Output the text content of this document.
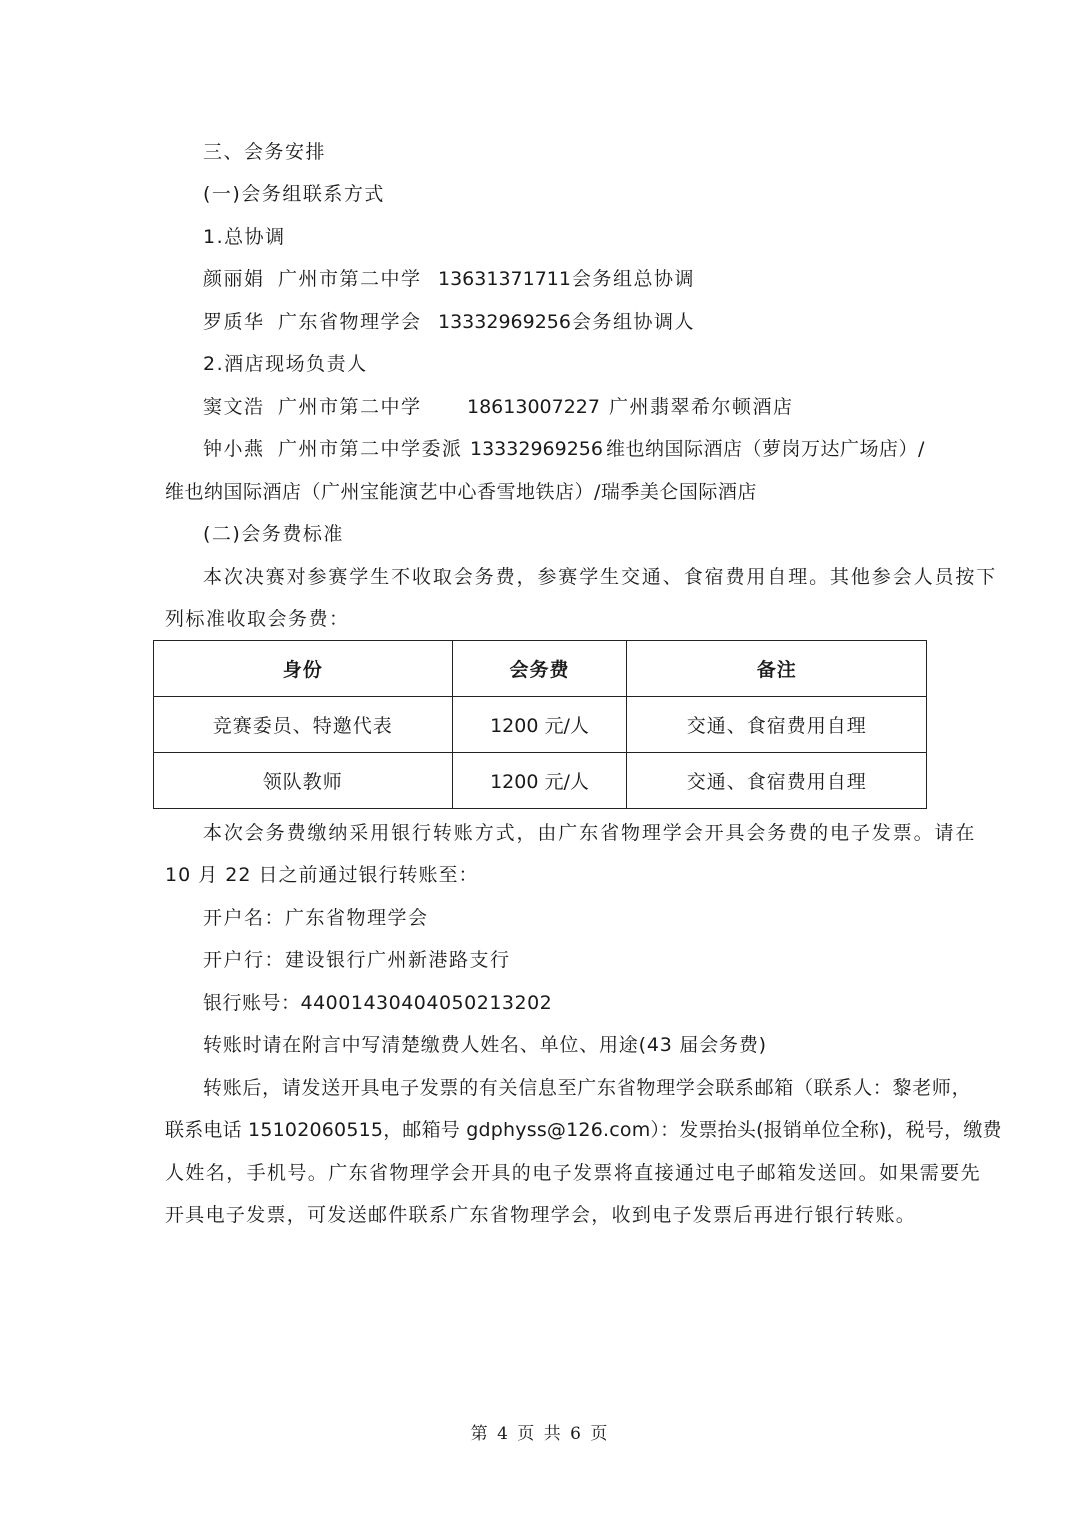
三、会务安排
(一)会务组联系方式
1.总协调
颜丽娟 广州市第二中学 13631371711 会务组总协调
罗质华 广东省物理学会 13332969256 会务组协调人
2.酒店现场负责人
窦文浩 广州市第二中学 18613007227 广州翡翠希尔顿酒店
钟小燕 广州市第二中学委派 13332969256 维也纳国际酒店（萝岗万达广场店）/
维也纳国际酒店（广州宝能演艺中心香雪地铁店）/瑞季美仑国际酒店
(二)会务费标准
本次决赛对参赛学生不收取会务费，参赛学生交通、食宿费用自理。其他参会人员按下
列标准收取会务费：
身份	会务费	备注
竞赛委员、特邀代表	1200 元/人	交通、食宿费用自理
领队教师	1200 元/人	交通、食宿费用自理
本次会务费缴纳采用银行转账方式，由广东省物理学会开具会务费的电子发票。请在
10 月 22 日之前通过银行转账至：
开户名：广东省物理学会
开户行：建设银行广州新港路支行
银行账号：44001430404050213202
转账时请在附言中写清楚缴费人姓名、单位、用途(43 届会务费)
转账后，请发送开具电子发票的有关信息至广东省物理学会联系邮箱（联系人：黎老师，
联系电话 15102060515，邮箱号 gdphyss@126.com）：发票抬头(报销单位全称)，税号，缴费
人姓名，手机号。广东省物理学会开具的电子发票将直接通过电子邮箱发送回。如果需要先
开具电子发票，可发送邮件联系广东省物理学会，收到电子发票后再进行银行转账。
第 4 页 共 6 页
